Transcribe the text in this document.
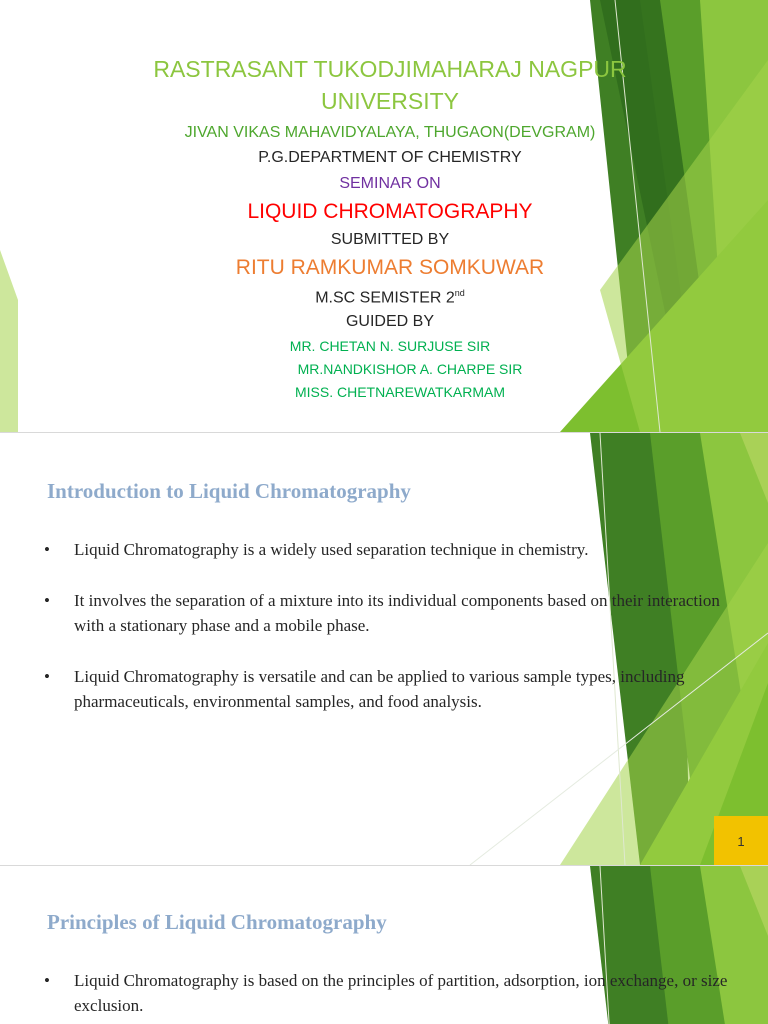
RASTRASANT TUKODJIMAHARAJ NAGPUR
UNIVERSITY
JIVAN VIKAS MAHAVIDYALAYA, THUGAON(DEVGRAM)
P.G.DEPARTMENT OF CHEMISTRY
SEMINAR ON
LIQUID CHROMATOGRAPHY
SUBMITTED BY
RITU RAMKUMAR SOMKUWAR
M.SC SEMISTER 2nd
GUIDED BY
MR. CHETAN N. SURJUSE SIR
MR.NANDKISHOR A. CHARPE SIR
MISS. CHETNAREWATKARMAM
Introduction to Liquid Chromatography
• Liquid Chromatography is a widely used separation technique in chemistry.
• It involves the separation of a mixture into its individual components based on their interaction with a stationary phase and a mobile phase.
• Liquid Chromatography is versatile and can be applied to various sample types, including pharmaceuticals, environmental samples, and food analysis.
1
Principles of Liquid Chromatography
• Liquid Chromatography is based on the principles of partition, adsorption, ion exchange, or size exclusion.
